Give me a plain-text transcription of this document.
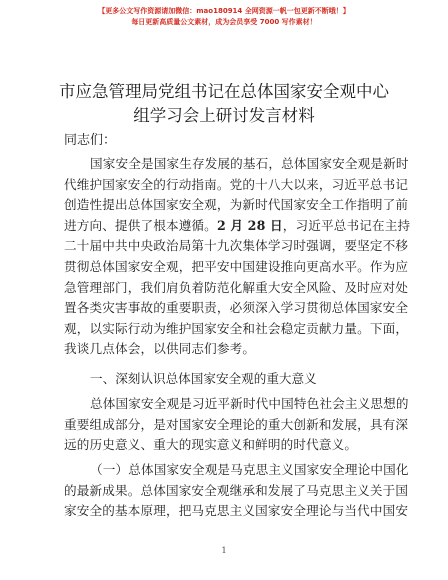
【更多公文写作资源请加微信：mao180914 全网资源一帆一包更新不断哦！】
每日更新高质量公文素材，成为会员享受 7000 写作素材！
市应急管理局党组书记在总体国家安全观中心
组学习会上研讨发言材料
同志们：
国家安全是国家生存发展的基石，总体国家安全观是新时
代维护国家安全的行动指南。党的十八大以来，习近平总书记
创造性提出总体国家安全观，为新时代国家安全工作指明了前
进方向、提供了根本遵循。2 月 28 日，习近平总书记在主持
二十届中共中央政治局第十九次集体学习时强调，要坚定不移
贯彻总体国家安全观，把平安中国建设推向更高水平。作为应
急管理部门，我们肩负着防范化解重大安全风险、及时应对处
置各类灾害事故的重要职责，必须深入学习贯彻总体国家安全
观，以实际行动为维护国家安全和社会稳定贡献力量。下面，
我谈几点体会，以供同志们参考。
一、深刻认识总体国家安全观的重大意义
总体国家安全观是习近平新时代中国特色社会主义思想的
重要组成部分，是对国家安全理论的重大创新和发展，具有深
远的历史意义、重大的现实意义和鲜明的时代意义。
（一）总体国家安全观是马克思主义国家安全理论中国化
的最新成果。总体国家安全观继承和发展了马克思主义关于国
家安全的基本原理，把马克思主义国家安全理论与当代中国安
1
